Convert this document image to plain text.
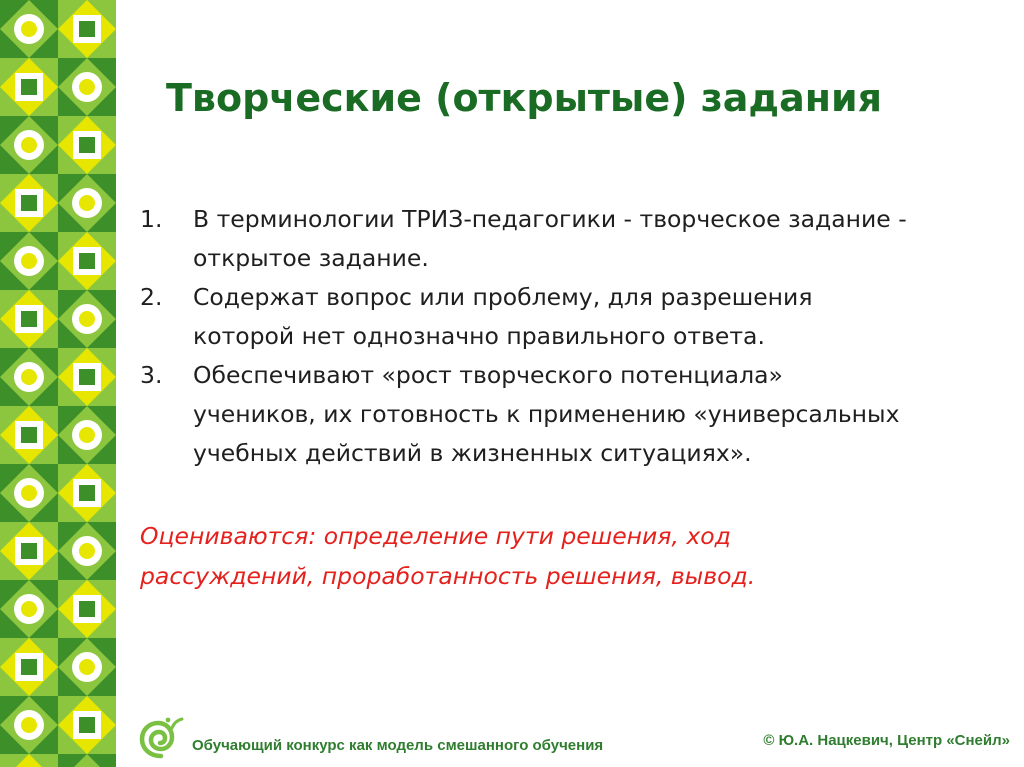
Творческие (открытые) задания
1. В терминологии ТРИЗ-педагогики - творческое задание -
открытое задание.
2. Содержат вопрос или проблему, для разрешения
которой нет однозначно правильного ответа.
3. Обеспечивают «рост творческого потенциала»
учеников, их готовность к применению «универсальных
учебных действий в жизненных ситуациях».

Оцениваются: определение пути решения, ход
рассуждений, проработанность решения, вывод.

Обучающий конкурс как модель смешанного обучения	© Ю.А. Нацкевич, Центр «Снейл»
